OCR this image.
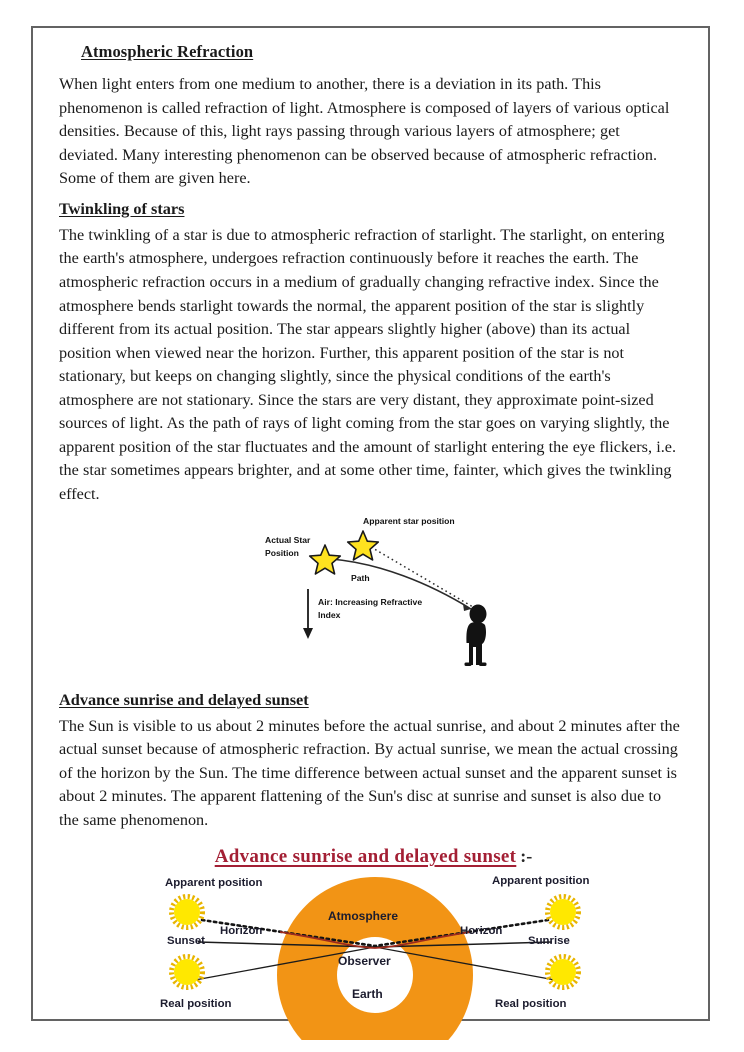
Atmospheric Refraction

When light enters from one medium to another, there is a deviation in its path. This phenomenon is called refraction of light. Atmosphere is composed of layers of various optical densities. Because of this, light rays passing through various layers of atmosphere; get deviated. Many interesting phenomenon can be observed because of atmospheric refraction. Some of them are given here.

Twinkling of stars

The twinkling of a star is due to atmospheric refraction of starlight. The starlight, on entering the earth's atmosphere, undergoes refraction continuously before it reaches the earth. The atmospheric refraction occurs in a medium of gradually changing refractive index. Since the atmosphere bends starlight towards the normal, the apparent position of the star is slightly different from its actual position. The star appears slightly higher (above) than its actual position when viewed near the horizon. Further, this apparent position of the star is not stationary, but keeps on changing slightly, since the physical conditions of the earth's atmosphere are not stationary. Since the stars are very distant, they approximate point-sized sources of light. As the path of rays of light coming from the star goes on varying slightly, the apparent position of the star fluctuates and the amount of starlight entering the eye flickers, i.e. the star sometimes appears brighter, and at some other time, fainter, which gives the twinkling effect.

Apparent star position
Actual Star
Position
Path
Air: Increasing Refractive
Index
Advance sunrise and delayed sunset

The Sun is visible to us about 2 minutes before the actual sunrise, and about 2 minutes after the actual sunset because of atmospheric refraction. By actual sunrise, we mean the actual crossing of the horizon by the Sun. The time difference between actual sunset and the apparent sunset is about 2 minutes. The apparent flattening of the Sun's disc at sunrise and sunset is also due to the same phenomenon.

Advance sunrise and delayed sunset :-
Apparent position	Apparent position
Sunset	Sunrise
Horizon	Horizon
Real position	Real position
Atmosphere
Observer
Earth
